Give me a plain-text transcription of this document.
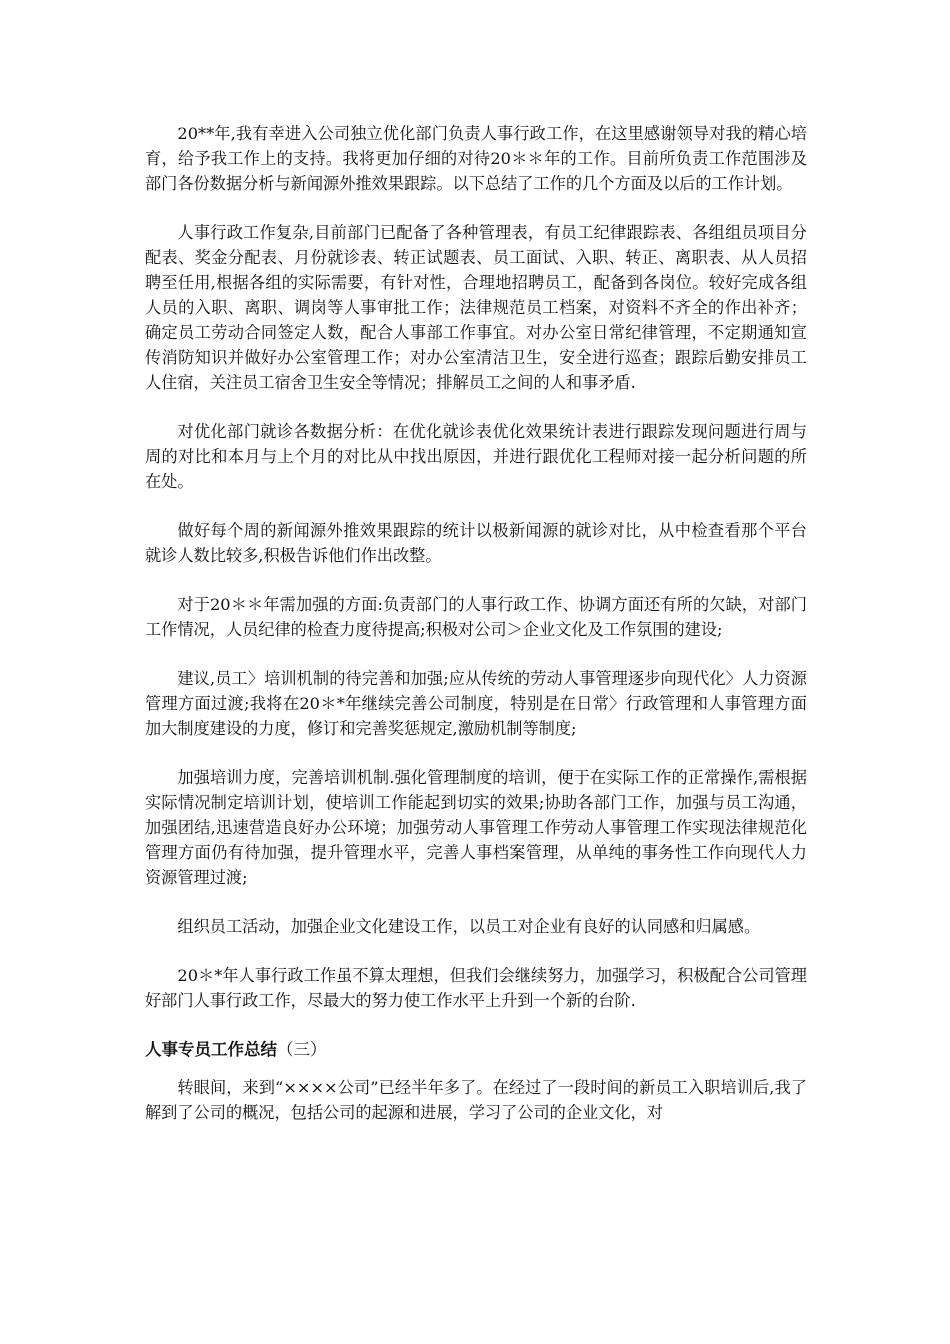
20**年,我有幸进入公司独立优化部门负责人事行政工作，在这里感谢领导对我的精心培育，给予我工作上的支持。我将更加仔细的对待20＊＊年的工作。目前所负责工作范围涉及部门各份数据分析与新闻源外推效果跟踪。以下总结了工作的几个方面及以后的工作计划。

人事行政工作复杂,目前部门已配备了各种管理表，有员工纪律跟踪表、各组组员项目分配表、奖金分配表、月份就诊表、转正试题表、员工面试、入职、转正、离职表、从人员招聘至任用,根据各组的实际需要，有针对性，合理地招聘员工，配备到各岗位。较好完成各组人员的入职、离职、调岗等人事审批工作；法律规范员工档案，对资料不齐全的作出补齐；确定员工劳动合同签定人数，配合人事部工作事宜。对办公室日常纪律管理，不定期通知宣传消防知识并做好办公室管理工作；对办公室清洁卫生，安全进行巡查；跟踪后勤安排员工人住宿，关注员工宿舍卫生安全等情况；排解员工之间的人和事矛盾.

对优化部门就诊各数据分析：在优化就诊表优化效果统计表进行跟踪发现问题进行周与周的对比和本月与上个月的对比从中找出原因，并进行跟优化工程师对接一起分析问题的所在处。

做好每个周的新闻源外推效果跟踪的统计以极新闻源的就诊对比，从中检查看那个平台就诊人数比较多,积极告诉他们作出改整。

对于20＊＊年需加强的方面:负责部门的人事行政工作、协调方面还有所的欠缺，对部门工作情况，人员纪律的检查力度待提高;积极对公司＞企业文化及工作氛围的建设;

建议,员工〉培训机制的待完善和加强;应从传统的劳动人事管理逐步向现代化〉人力资源管理方面过渡;我将在20＊*年继续完善公司制度，特别是在日常〉行政管理和人事管理方面加大制度建设的力度，修订和完善奖惩规定,激励机制等制度;

加强培训力度，完善培训机制.强化管理制度的培训，便于在实际工作的正常操作,需根据实际情况制定培训计划，使培训工作能起到切实的效果;协助各部门工作，加强与员工沟通，加强团结,迅速营造良好办公环境；加强劳动人事管理工作劳动人事管理工作实现法律规范化管理方面仍有待加强，提升管理水平，完善人事档案管理，从单纯的事务性工作向现代人力资源管理过渡;

组织员工活动，加强企业文化建设工作，以员工对企业有良好的认同感和归属感。

20＊*年人事行政工作虽不算太理想，但我们会继续努力，加强学习，积极配合公司管理好部门人事行政工作，尽最大的努力使工作水平上升到一个新的台阶.

人事专员工作总结（三）

转眼间，来到“××××公司”已经半年多了。在经过了一段时间的新员工入职培训后,我了解到了公司的概况，包括公司的起源和进展，学习了公司的企业文化，对
